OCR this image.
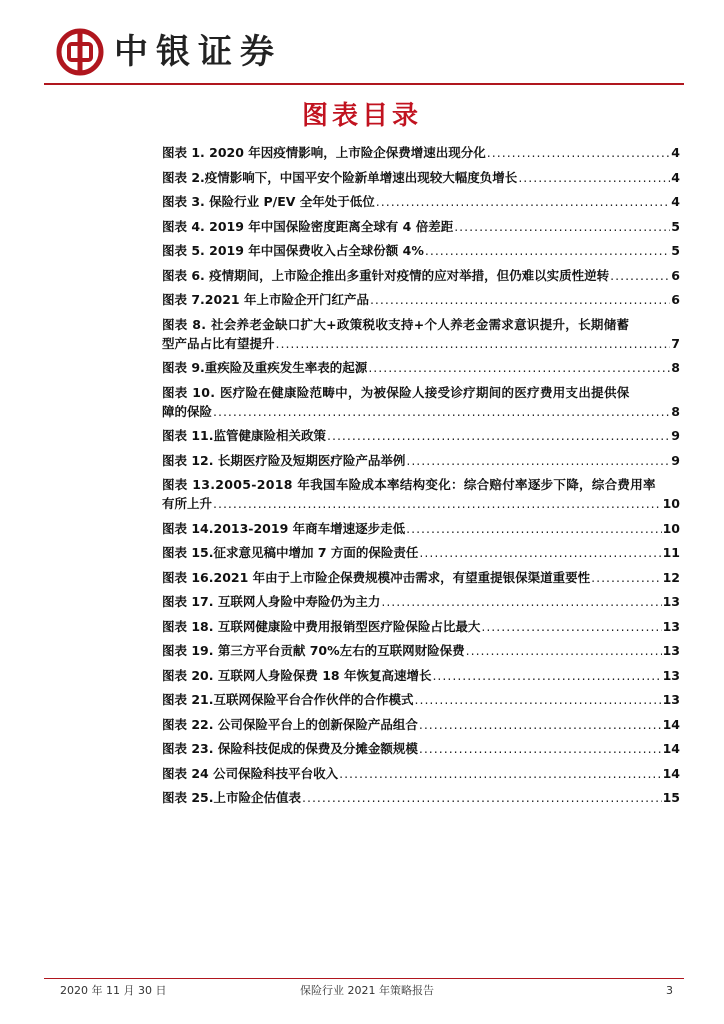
中银证券
图表目录
图表 1. 2020 年因疫情影响，上市险企保费增速出现分化 .....	4
图表 2.疫情影响下，中国平安个险新单增速出现较大幅度负增长 .....	4
图表 3. 保险行业 P/EV 全年处于低位 .....	4
图表 4. 2019 年中国保险密度距离全球有 4 倍差距 .....	5
图表 5. 2019 年中国保费收入占全球份额 4% .....	5
图表 6. 疫情期间，上市险企推出多重针对疫情的应对举措，但仍难以实质性逆转 .....	6
图表 7.2021 年上市险企开门红产品 .....	6
图表 8. 社会养老金缺口扩大+政策税收支持+个人养老金需求意识提升，长期储蓄
型产品占比有望提升 .....	7
图表 9.重疾险及重疾发生率表的起源 .....	8
图表 10. 医疗险在健康险范畴中，为被保险人接受诊疗期间的医疗费用支出提供保
障的保险 .....	8
图表 11.监管健康险相关政策 .....	9
图表 12. 长期医疗险及短期医疗险产品举例 .....	9
图表 13.2005-2018 年我国车险成本率结构变化：综合赔付率逐步下降，综合费用率
有所上升 .....	10
图表 14.2013-2019 年商车增速逐步走低 .....	10
图表 15.征求意见稿中增加 7 方面的保险责任 .....	11
图表 16.2021 年由于上市险企保费规模冲击需求，有望重提银保渠道重要性 .....	12
图表 17. 互联网人身险中寿险仍为主力 .....	13
图表 18. 互联网健康险中费用报销型医疗险保险占比最大 .....	13
图表 19. 第三方平台贡献 70%左右的互联网财险保费 .....	13
图表 20. 互联网人身险保费 18 年恢复高速增长 .....	13
图表 21.互联网保险平台合作伙伴的合作模式 .....	13
图表 22. 公司保险平台上的创新保险产品组合 .....	14
图表 23. 保险科技促成的保费及分摊金额规模 .....	14
图表 24 公司保险科技平台收入 .....	14
图表 25.上市险企估值表 .....	15
2020 年 11 月 30 日	保险行业 2021 年策略报告	3
